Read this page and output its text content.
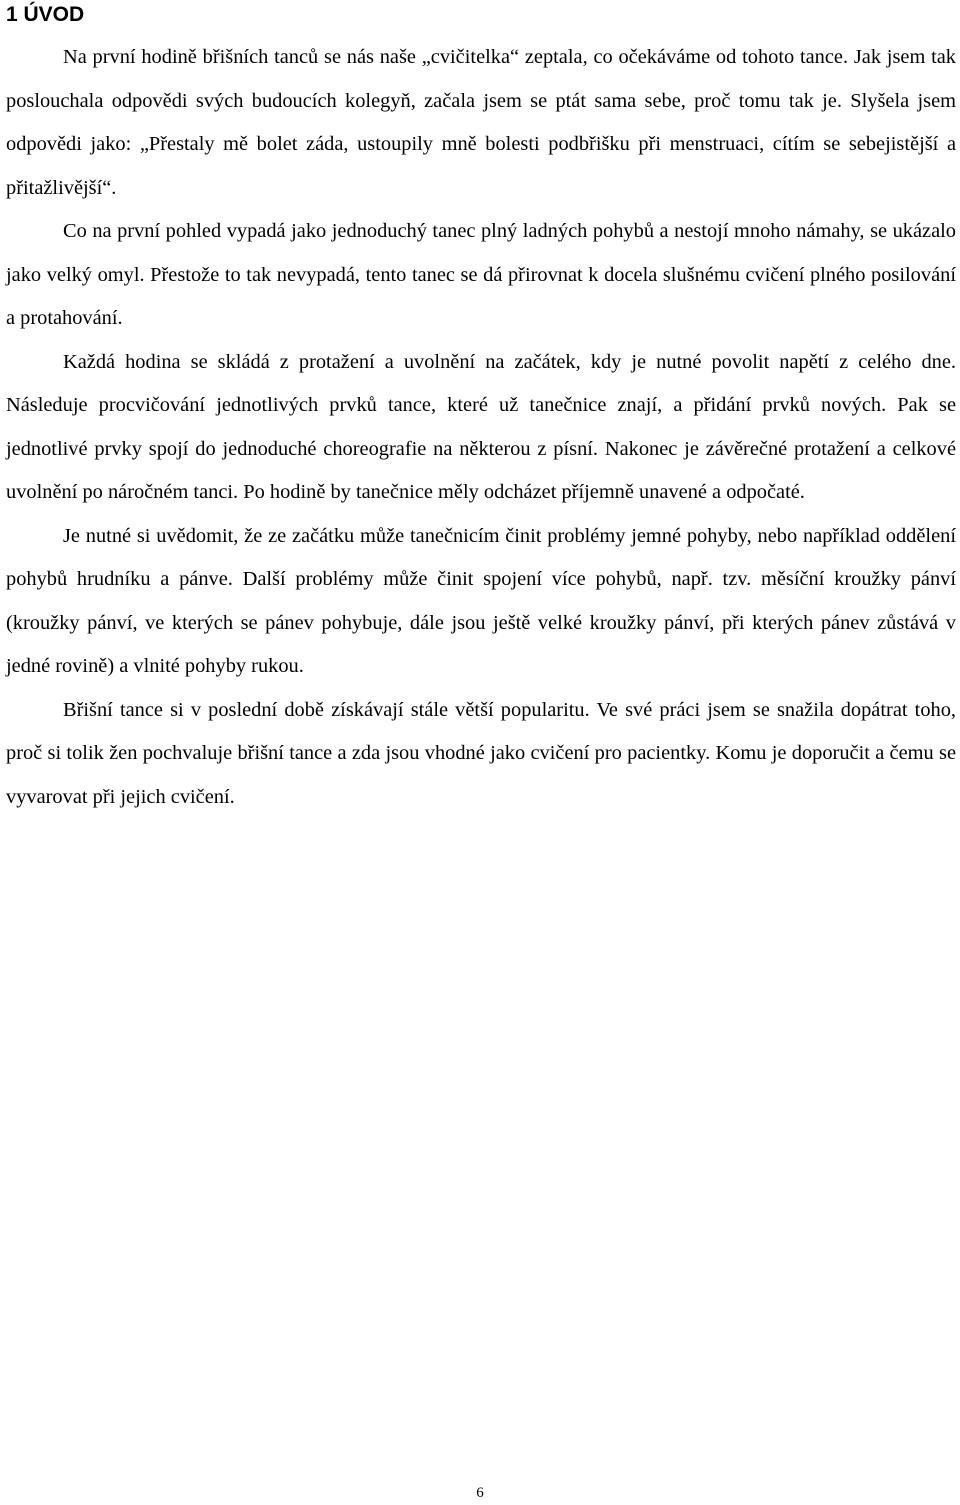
1 ÚVOD

Na první hodině břišních tanců se nás naše „cvičitelka“ zeptala, co očekáváme od tohoto tance. Jak jsem tak poslouchala odpovědi svých budoucích kolegyň, začala jsem se ptát sama sebe, proč tomu tak je. Slyšela jsem odpovědi jako: „Přestaly mě bolet záda, ustoupily mně bolesti podbřišku při menstruaci, cítím se sebejistější a přitažlivější“.

Co na první pohled vypadá jako jednoduchý tanec plný ladných pohybů a nestojí mnoho námahy, se ukázalo jako velký omyl. Přestože to tak nevypadá, tento tanec se dá přirovnat k docela slušnému cvičení plného posilování a protahování.

Každá hodina se skládá z protažení a uvolnění na začátek, kdy je nutné povolit napětí z celého dne. Následuje procvičování jednotlivých prvků tance, které už tanečnice znají, a přidání prvků nových. Pak se jednotlivé prvky spojí do jednoduché choreografie na některou z písní. Nakonec je závěrečné protažení a celkové uvolnění po náročném tanci. Po hodině by tanečnice měly odcházet příjemně unavené a odpočaté.

Je nutné si uvědomit, že ze začátku může tanečnicím činit problémy jemné pohyby, nebo například oddělení pohybů hrudníku a pánve. Další problémy může činit spojení více pohybů, např. tzv. měsíční kroužky pánví (kroužky pánví, ve kterých se pánev pohybuje, dále jsou ještě velké kroužky pánví, při kterých pánev zůstává v jedné rovině) a vlnité pohyby rukou.

Břišní tance si v poslední době získávají stále větší popularitu. Ve své práci jsem se snažila dopátrat toho, proč si tolik žen pochvaluje břišní tance a zda jsou vhodné jako cvičení pro pacientky. Komu je doporučit a čemu se vyvarovat při jejich cvičení.

6
